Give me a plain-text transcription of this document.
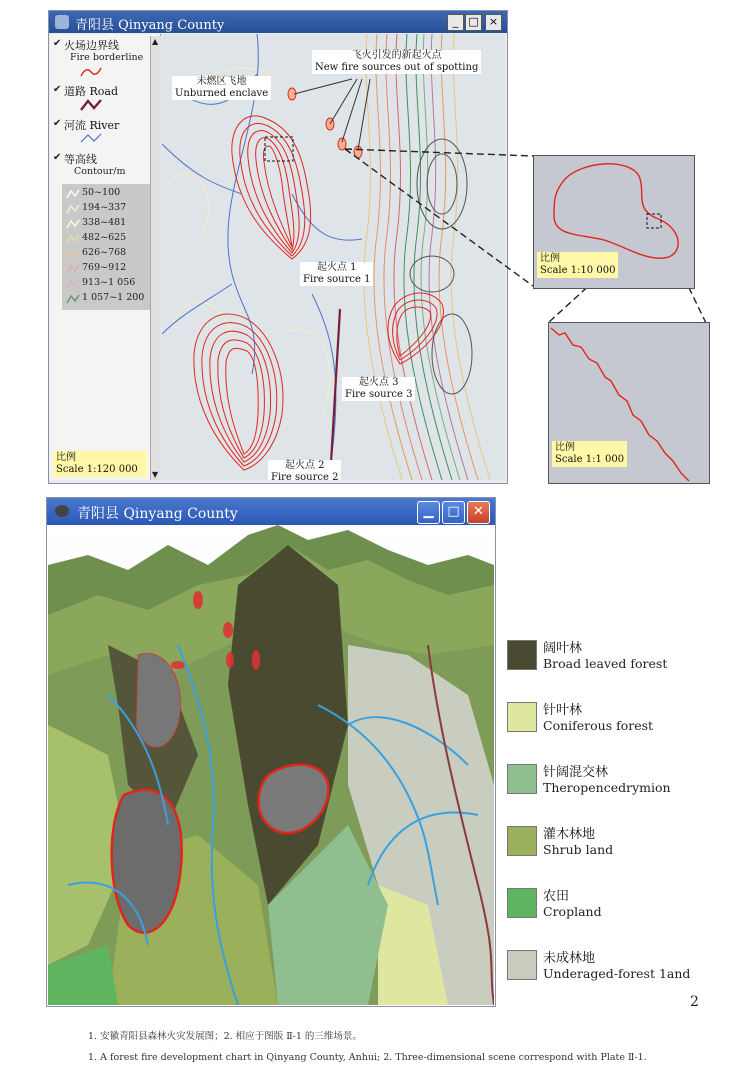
青阳县 Qinyang County	_ □ ×
✔ 火场边界线
Fire borderline
✔ 道路 Road
✔ 河流 River
✔ 等高线
Contour/m
▲
▼
比例
Scale 1:120 000
50~100
194~337
338~481
482~625
626~768
769~912
913~1 056
1 057~1 200
未燃区飞地
Unburned enclave
飞火引发的新起火点
New fire sources out of spotting
起火点 1
Fire source 1
起火点 2
Fire source 2
起火点 3
Fire source 3
比例
Scale 1:10 000
比例
Scale 1:1 000
青阳县 Qinyang County	▁	□	✕
阔叶林
Broad leaved forest
针叶林
Coniferous forest
针阔混交林
Theropencedrymion
灌木林地
Shrub land
农田
Cropland
未成林地
Underaged-forest 1and
2
1. 安徽青阳县森林火灾发展图；2. 相应于图版 Ⅱ-1 的三维场景。
1. A forest fire development chart in Qinyang County, Anhui; 2. Three-dimensional scene correspond with Plate Ⅱ-1.
